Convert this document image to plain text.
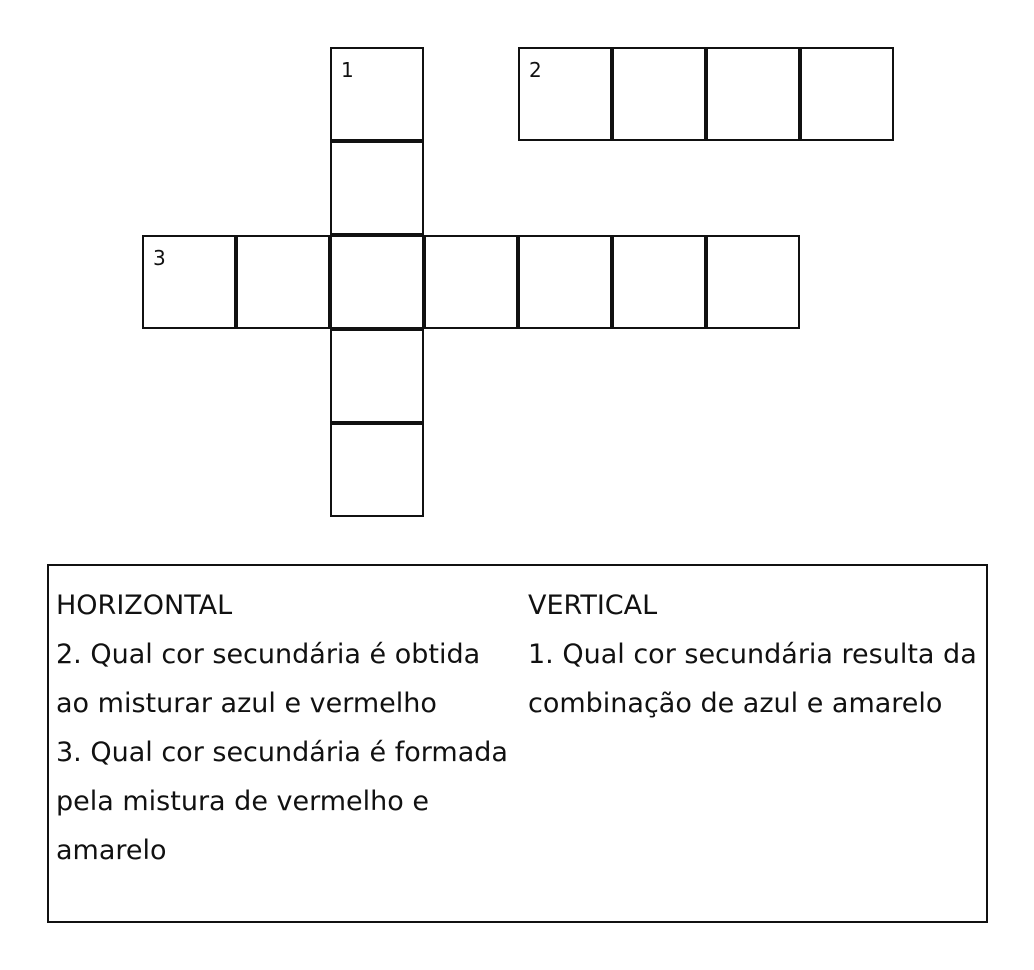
1	2
3
HORIZONTAL
2. Qual cor secundária é obtida
ao misturar azul e vermelho
3. Qual cor secundária é formada
pela mistura de vermelho e
amarelo
VERTICAL
1. Qual cor secundária resulta da
combinação de azul e amarelo
